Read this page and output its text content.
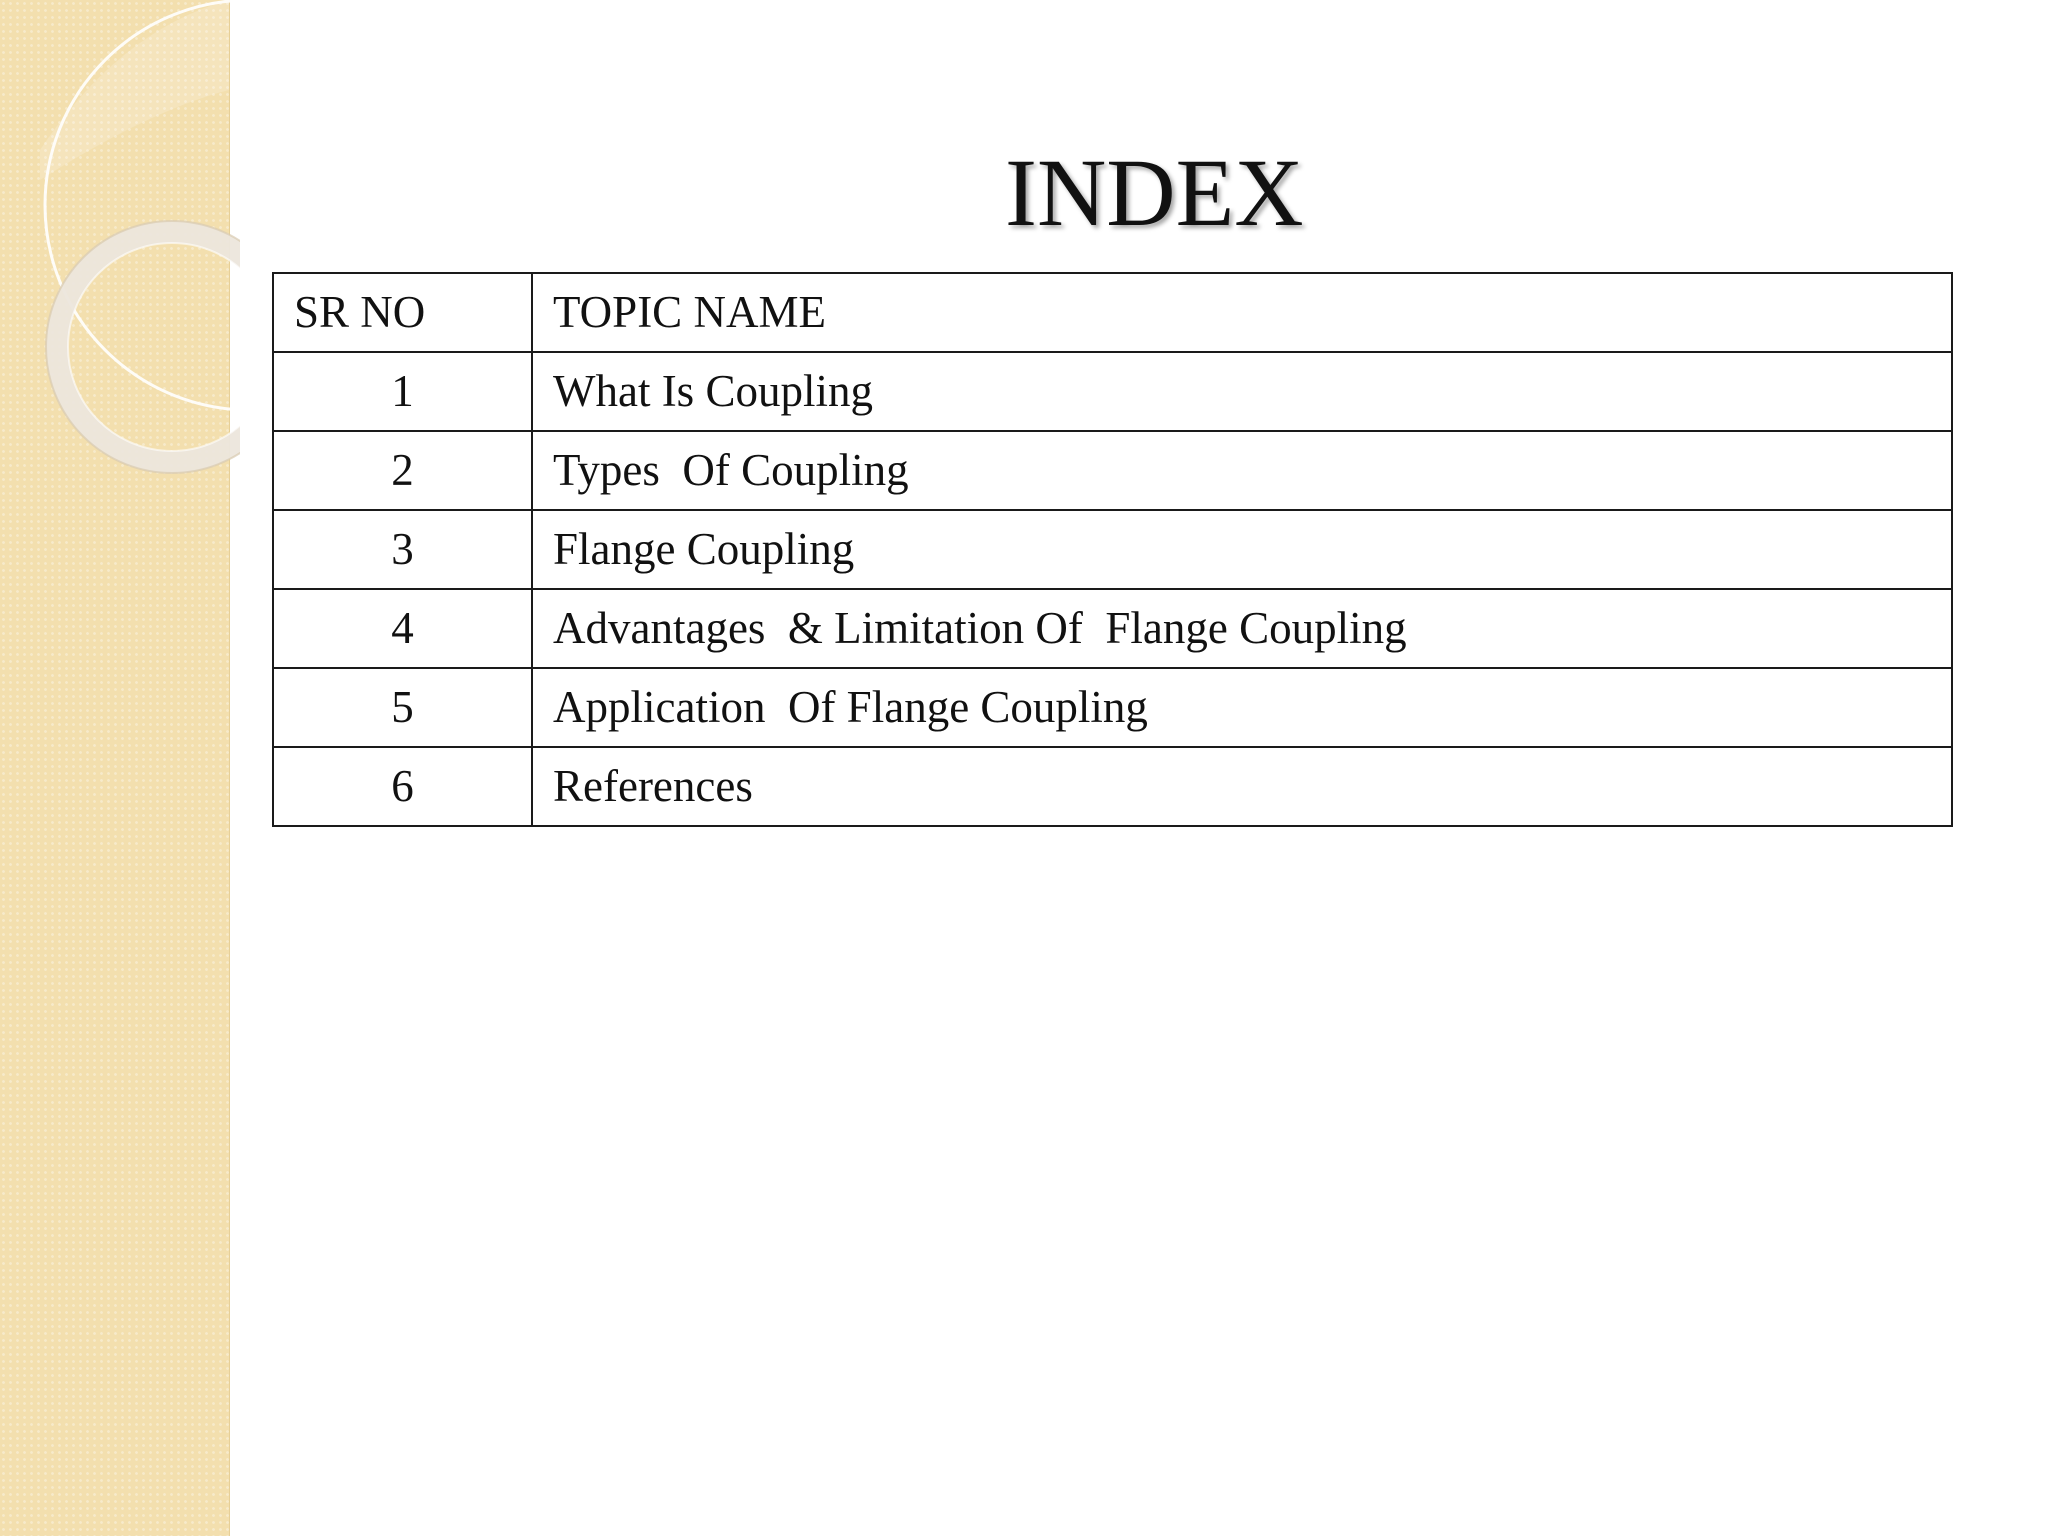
INDEX
SR NO	TOPIC NAME
1	What Is Coupling
2	Types  Of Coupling
3	Flange Coupling
4	Advantages  & Limitation Of  Flange Coupling
5	Application  Of Flange Coupling
6	References
